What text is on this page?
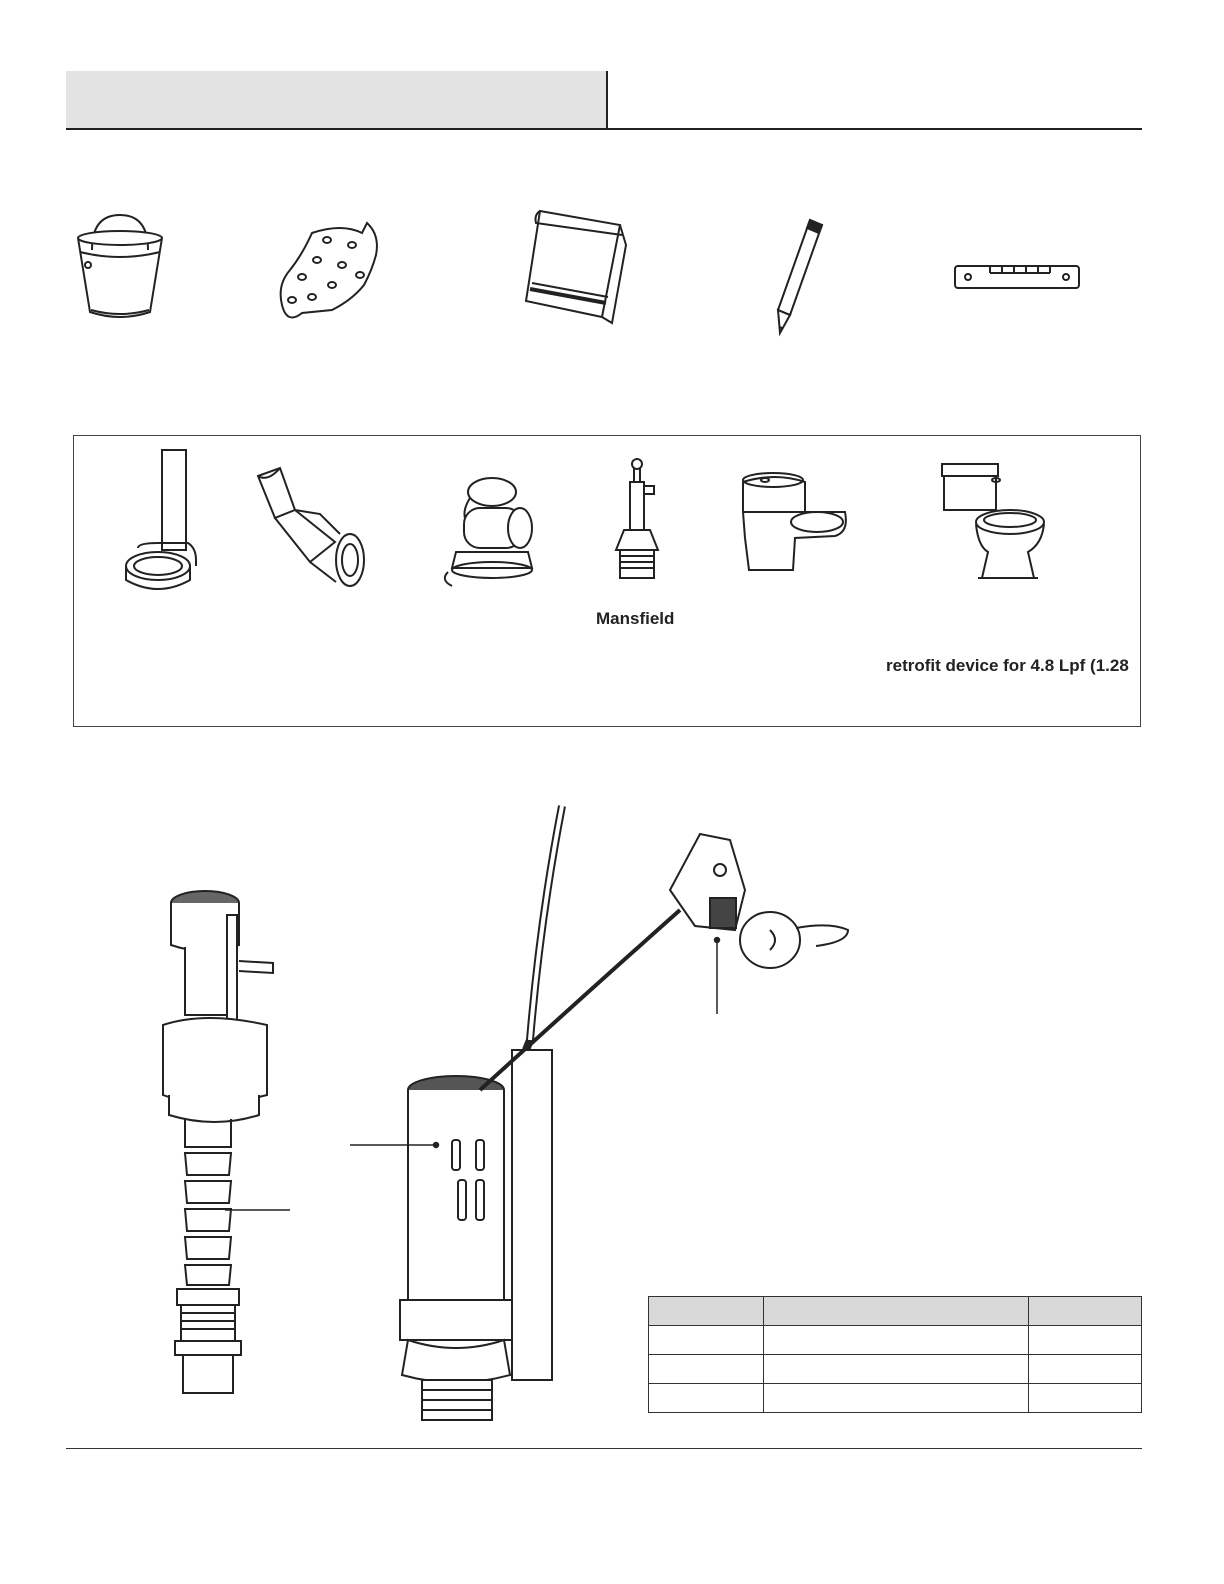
Mansfield
retrofit device for 4.8 Lpf (1.28
